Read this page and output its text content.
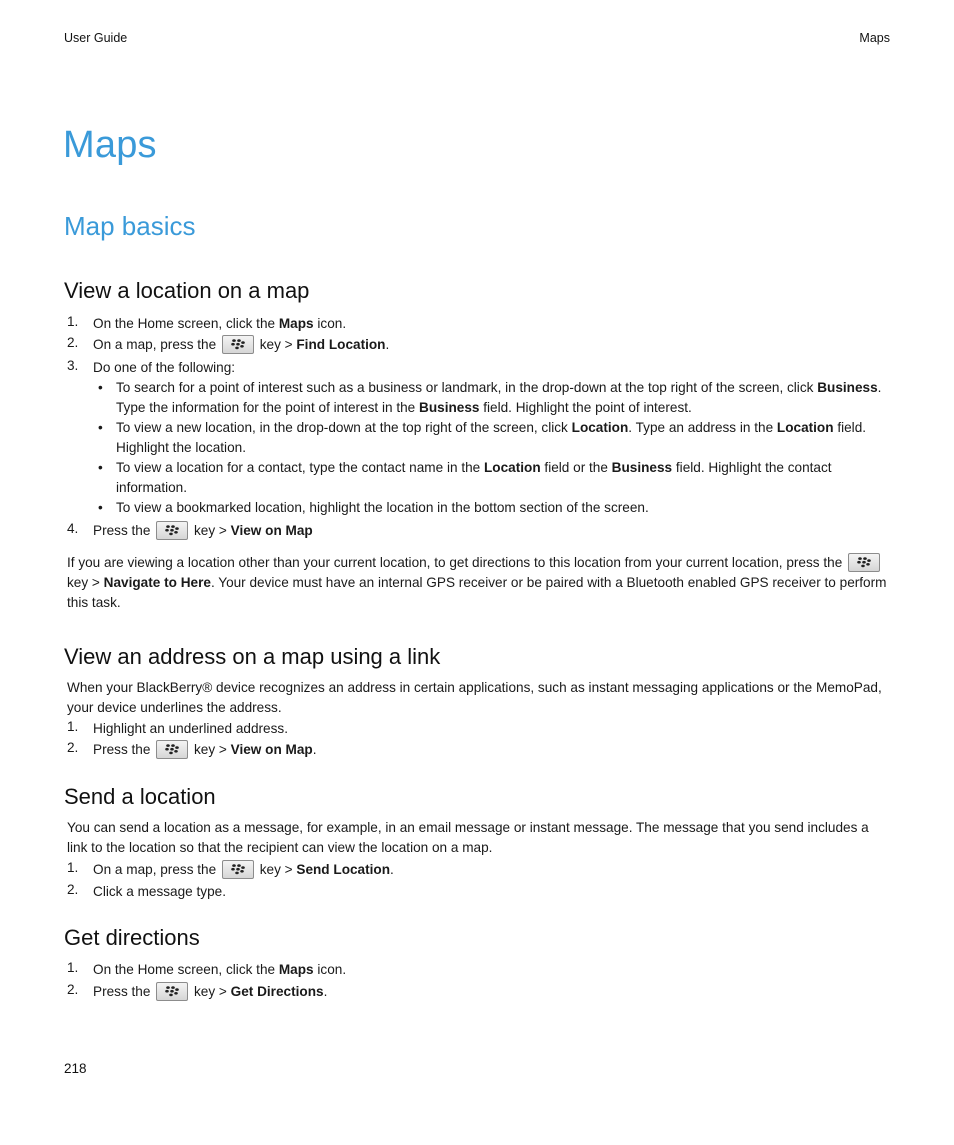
User Guide	Maps
Maps
Map basics
View a location on a map
1. On the Home screen, click the Maps icon.
2. On a map, press the	key > Find Location.
3. Do one of the following:
• To search for a point of interest such as a business or landmark, in the drop-down at the top right of the screen, click Business. Type the information for the point of interest in the Business field. Highlight the point of interest.
• To view a new location, in the drop-down at the top right of the screen, click Location. Type an address in the Location field. Highlight the location.
• To view a location for a contact, type the contact name in the Location field or the Business field. Highlight the contact information.
• To view a bookmarked location, highlight the location in the bottom section of the screen.
4. Press the	key > View on Map

If you are viewing a location other than your current location, to get directions to this location from your current location, press the
key > Navigate to Here. Your device must have an internal GPS receiver or be paired with a Bluetooth enabled GPS receiver to perform this task.

View an address on a map using a link

When your BlackBerry® device recognizes an address in certain applications, such as instant messaging applications or the MemoPad, your device underlines the address.

1. Highlight an underlined address.
2. Press the	key > View on Map.
Send a location

You can send a location as a message, for example, in an email message or instant message. The message that you send includes a link to the location so that the recipient can view the location on a map.

1. On a map, press the	key > Send Location.
2. Click a message type.
Get directions
1. On the Home screen, click the Maps icon.
2. Press the	key > Get Directions.
218
